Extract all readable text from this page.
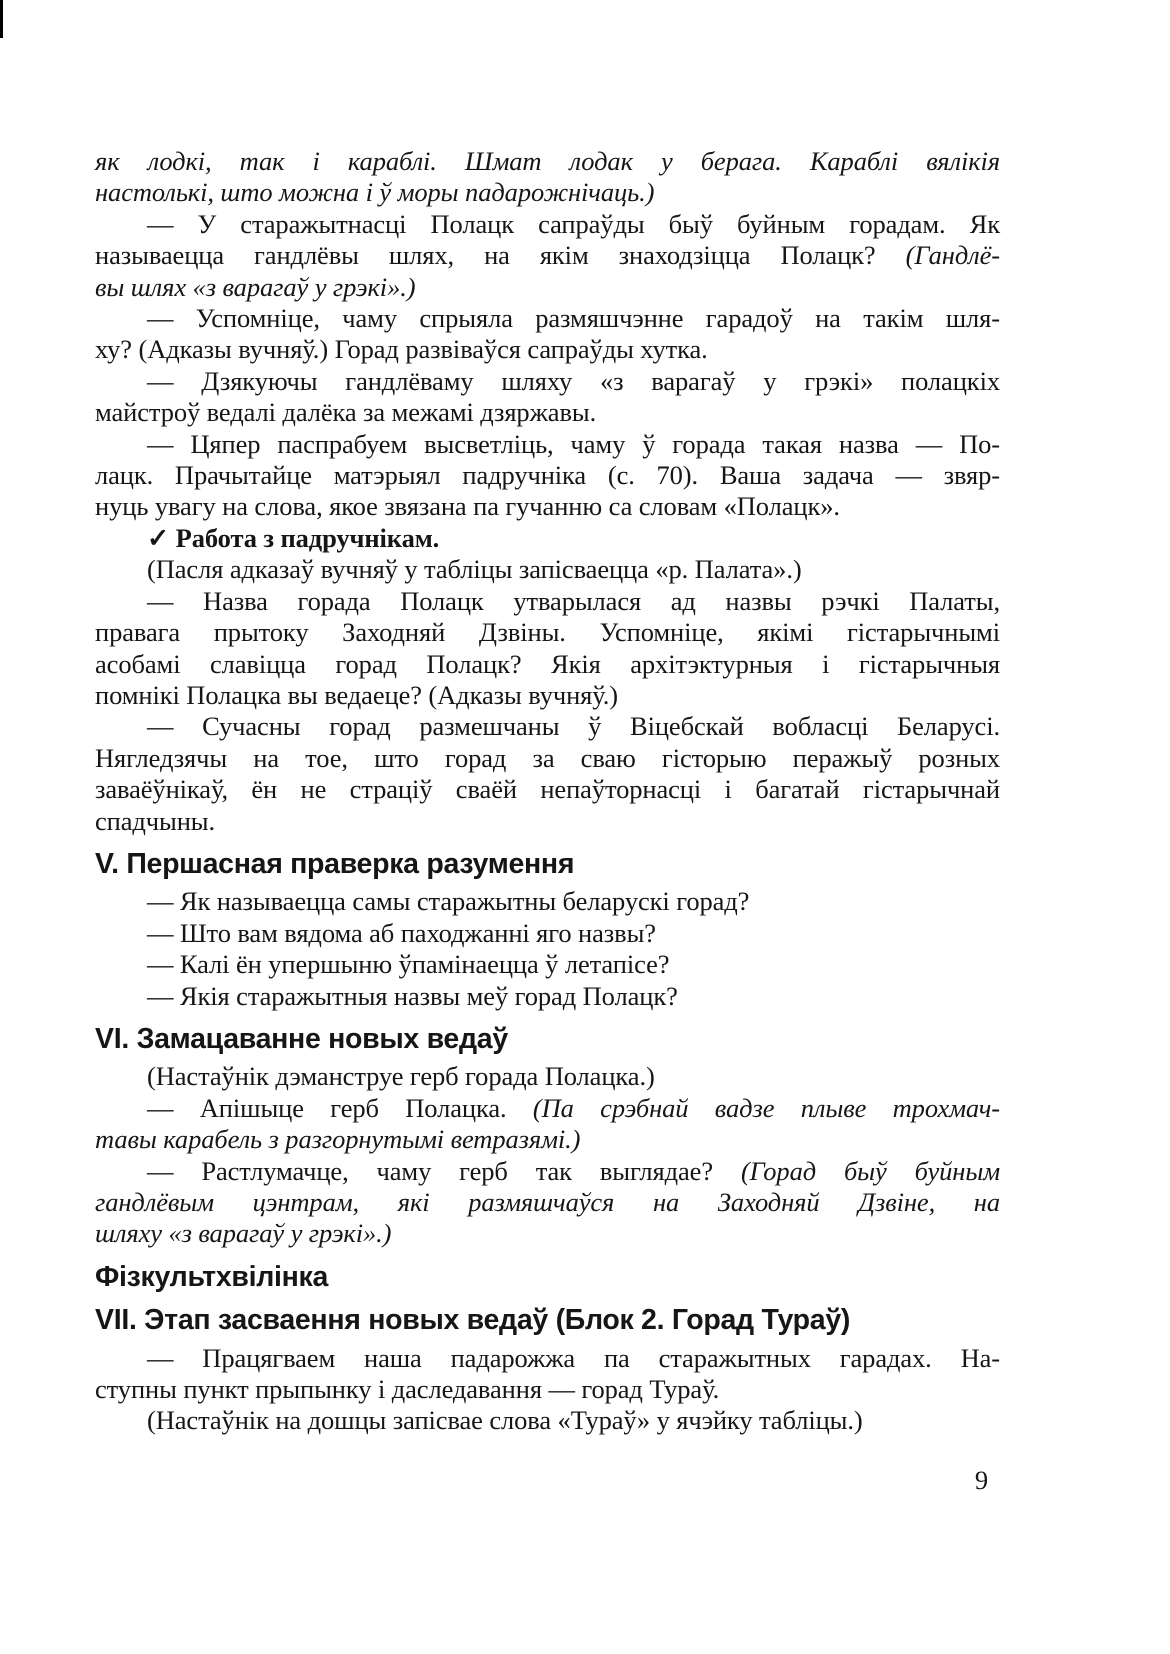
як лодкі, так і караблі. Шмат лодак у берага. Караблі вялікія
настолькі, што можна і ў моры падарожнічаць.)
— У старажытнасці Полацк сапраўды быў буйным горадам. Як
называецца гандлёвы шлях, на якім знаходзіцца Полацк? (Гандлё-
вы шлях «з варагаў у грэкі».)
— Успомніце, чаму спрыяла размяшчэнне гарадоў на такім шля-
ху? (Адказы вучняў.) Горад развіваўся сапраўды хутка.
— Дзякуючы гандлёваму шляху «з варагаў у грэкі» полацкіх
майстроў ведалі далёка за межамі дзяржавы.
— Цяпер паспрабуем высветліць, чаму ў горада такая назва — По-
лацк. Прачытайце матэрыял падручніка (с. 70). Ваша задача — звяр-
нуць увагу на слова, якое звязана па гучанню са словам «Полацк».
✓ Работа з падручнікам.
(Пасля адказаў вучняў у табліцы запісваецца «р. Палата».)
— Назва горада Полацк утварылася ад назвы рэчкі Палаты,
правага прытоку Заходняй Дзвіны. Успомніце, якімі гістарычнымі
асобамі славіцца горад Полацк? Якія архітэктурныя і гістарычныя
помнікі Полацка вы ведаеце? (Адказы вучняў.)
— Сучасны горад размешчаны ў Віцебскай вобласці Беларусі.
Нягледзячы на тое, што горад за сваю гісторыю перажыў розных
заваёўнікаў, ён не страціў сваёй непаўторнасці і багатай гістарычнай
спадчыны.
V. Першасная праверка разумення
— Як называецца самы старажытны беларускі горад?
— Што вам вядома аб паходжанні яго назвы?
— Калі ён упершыню ўпамінаецца ў летапісе?
— Якія старажытныя назвы меў горад Полацк?
VI. Замацаванне новых ведаў
(Настаўнік дэманструе герб горада Полацка.)
— Апішыце герб Полацка. (Па срэбнай вадзе плыве трохмач-
тавы карабель з разгорнутымі ветразямі.)
— Растлумачце, чаму герб так выглядае? (Горад быў буйным
гандлёвым цэнтрам, які размяшчаўся на Заходняй Дзвіне, на
шляху «з варагаў у грэкі».)
Фізкультхвілінка
VII. Этап засваення новых ведаў (Блок 2. Горад Тураў)
— Працягваем наша падарожжа па старажытных гарадах. На-
ступны пункт прыпынку і даследавання — горад Тураў.
(Настаўнік на дошцы запісвае слова «Тураў» у ячэйку табліцы.)
9
